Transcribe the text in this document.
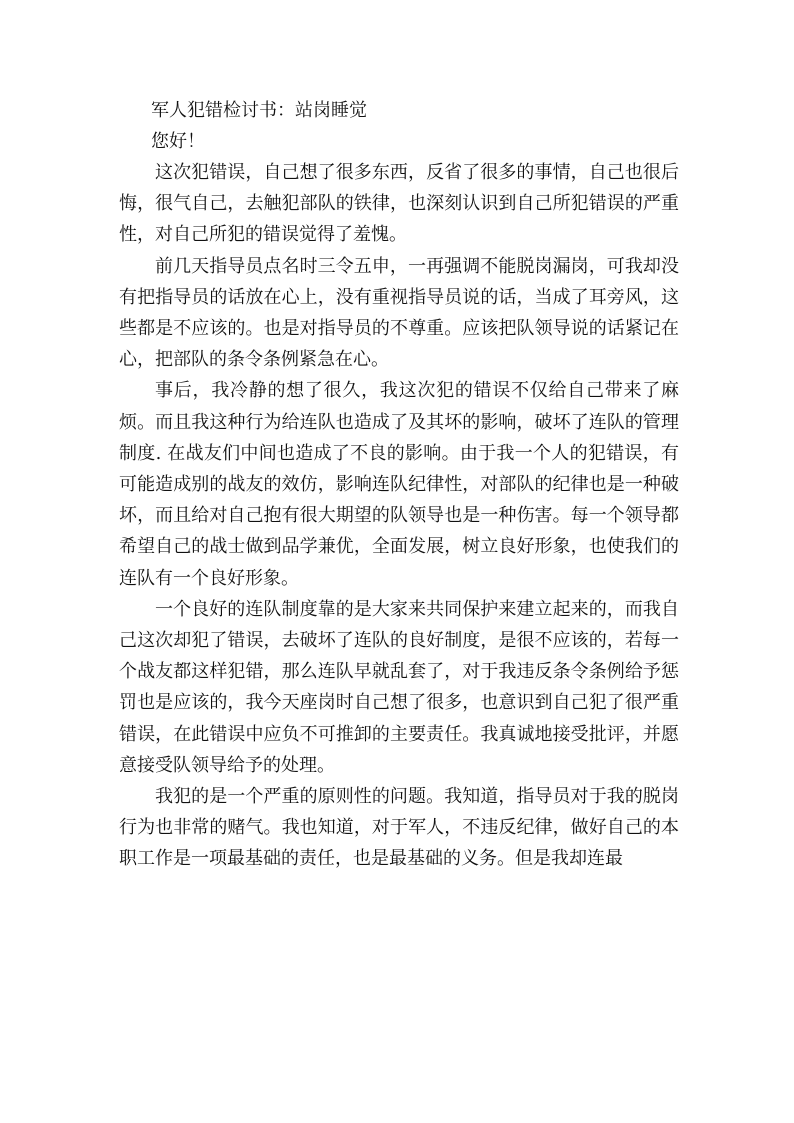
军人犯错检讨书：站岗睡觉

您好！

这次犯错误，自己想了很多东西，反省了很多的事情，自己也很后悔，很气自己，去触犯部队的铁律，也深刻认识到自己所犯错误的严重性，对自己所犯的错误觉得了羞愧。

前几天指导员点名时三令五申，一再强调不能脱岗漏岗，可我却没有把指导员的话放在心上，没有重视指导员说的话，当成了耳旁风，这些都是不应该的。也是对指导员的不尊重。应该把队领导说的话紧记在心，把部队的条令条例紧急在心。

事后，我冷静的想了很久，我这次犯的错误不仅给自己带来了麻烦。而且我这种行为给连队也造成了及其坏的影响，破坏了连队的管理制度. 在战友们中间也造成了不良的影响。由于我一个人的犯错误，有可能造成别的战友的效仿，影响连队纪律性，对部队的纪律也是一种破坏，而且给对自己抱有很大期望的队领导也是一种伤害。每一个领导都希望自己的战士做到品学兼优，全面发展，树立良好形象，也使我们的连队有一个良好形象。

一个良好的连队制度靠的是大家来共同保护来建立起来的，而我自己这次却犯了错误，去破坏了连队的良好制度，是很不应该的，若每一个战友都这样犯错，那么连队早就乱套了，对于我违反条令条例给予惩罚也是应该的，我今天座岗时自己想了很多，也意识到自己犯了很严重错误，在此错误中应负不可推卸的主要责任。我真诚地接受批评，并愿意接受队领导给予的处理。

我犯的是一个严重的原则性的问题。我知道，指导员对于我的脱岗行为也非常的赌气。我也知道，对于军人，不违反纪律，做好自己的本职工作是一项最基础的责任，也是最基础的义务。但是我却连最
